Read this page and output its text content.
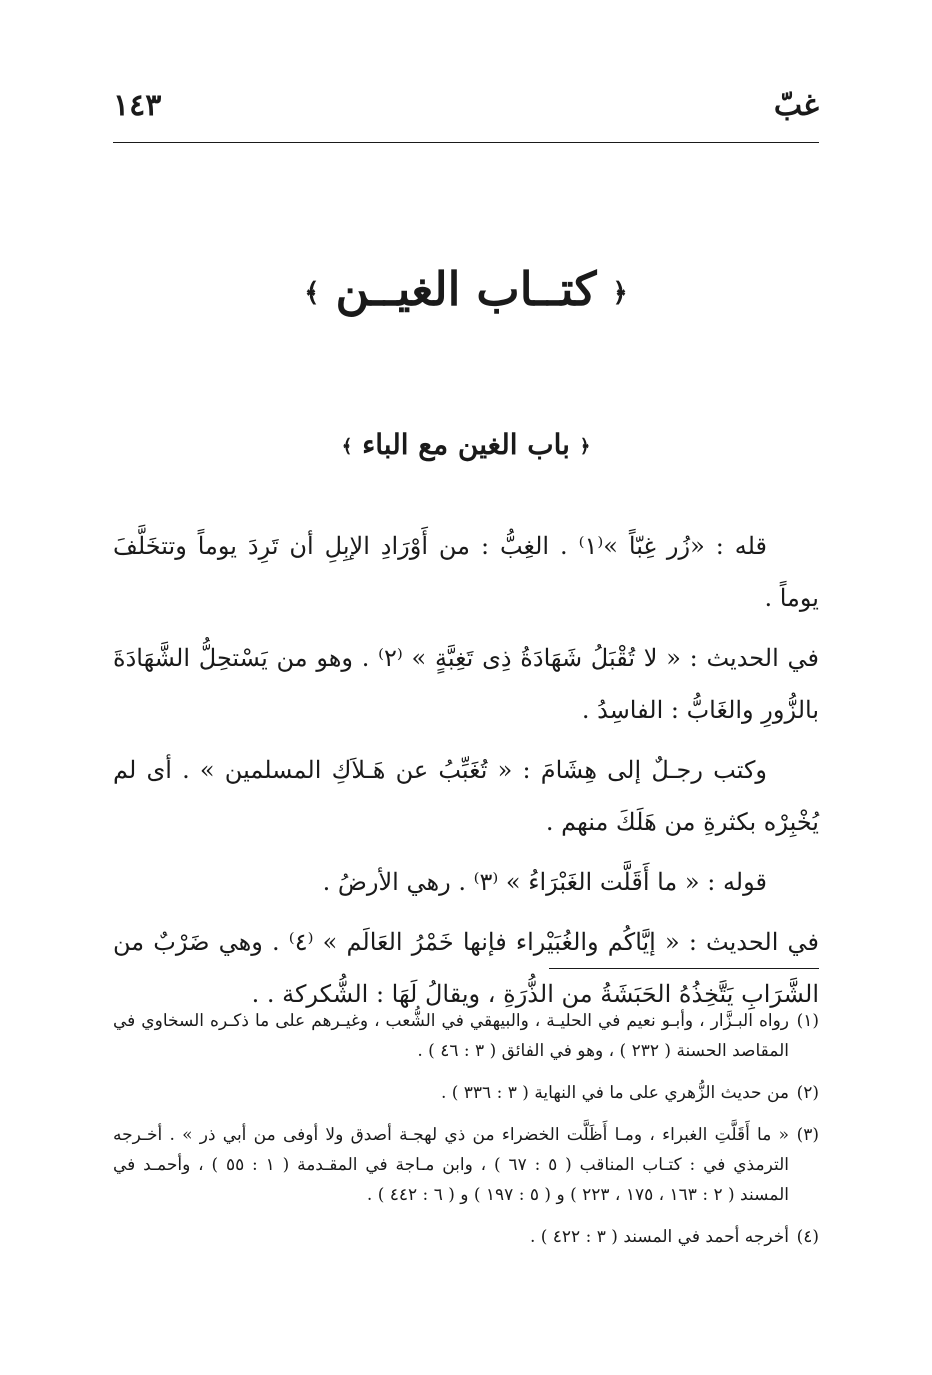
غبّ
١٤٣
﴿ كتــاب الغيــن ﴾
﴿ باب الغين مع الباء ﴾

قله : «زُر غِبّاً »⁽١⁾ . الغِبُّ : من أَوْرَادِ الإبِلِ أن تَرِدَ يوماً وتتخَلَّفَ يوماً .

في الحديث : « لا تُقْبَلُ شَهَادَةُ ذِى تَغِبَّةٍ » ⁽٢⁾ . وهو من يَسْتحِلُّ الشَّهَادَةَ بالزُّورِ والغَابُّ : الفاسِدُ .

وكتب رجـلٌ إلى هِشَامَ : « تُغَبِّبُ عن هَـلاَكِ المسلمين » . أى لم يُخْبِرْه بكثرةِ من هَلَكَ منهم .

قوله : « ما أَقَلَّت الغَبْرَاءُ » ⁽٣⁾ . رهي الأرضُ .

في الحديث : « إيَّاكُم والغُبَيْراء فإنها خَمْرُ العَالَم » ⁽٤⁾ . وهي ضَرْبٌ من الشَّرَابِ يَتَّخِذُهُ الحَبَشَةُ من الذُّرَةِ ، ويقالُ لَهَا : الشُّكركة . .

(١)رواه البـزَّار ، وأبـو نعيم في الحليـة ، والبيهقي في الشُّعب ، وغيـرهم على ما ذكـره السخاوي في المقاصد الحسنة ( ٢٣٢ ) ، وهو في الفائق ( ٣ : ٤٦ ) .

(٢)من حديث الزُّهري على ما في النهاية ( ٣ : ٣٣٦ ) .

(٣)« ما أَقَلَّتِ الغبراء ، ومـا أَظَلَّت الخضراء من ذي لهجـة أصدق ولا أوفى من أبي ذر » . أخـرجه الترمذي في : كتـاب المناقب ( ٥ : ٦٧ ) ، وابن مـاجة في المقـدمة ( ١ : ٥٥ ) ، وأحمـد في المسند ( ٢ : ١٦٣ ، ١٧٥ ، ٢٢٣ ) و ( ٥ : ١٩٧ ) و ( ٦ : ٤٤٢ ) .

(٤)أخرجه أحمد في المسند ( ٣ : ٤٢٢ ) .
